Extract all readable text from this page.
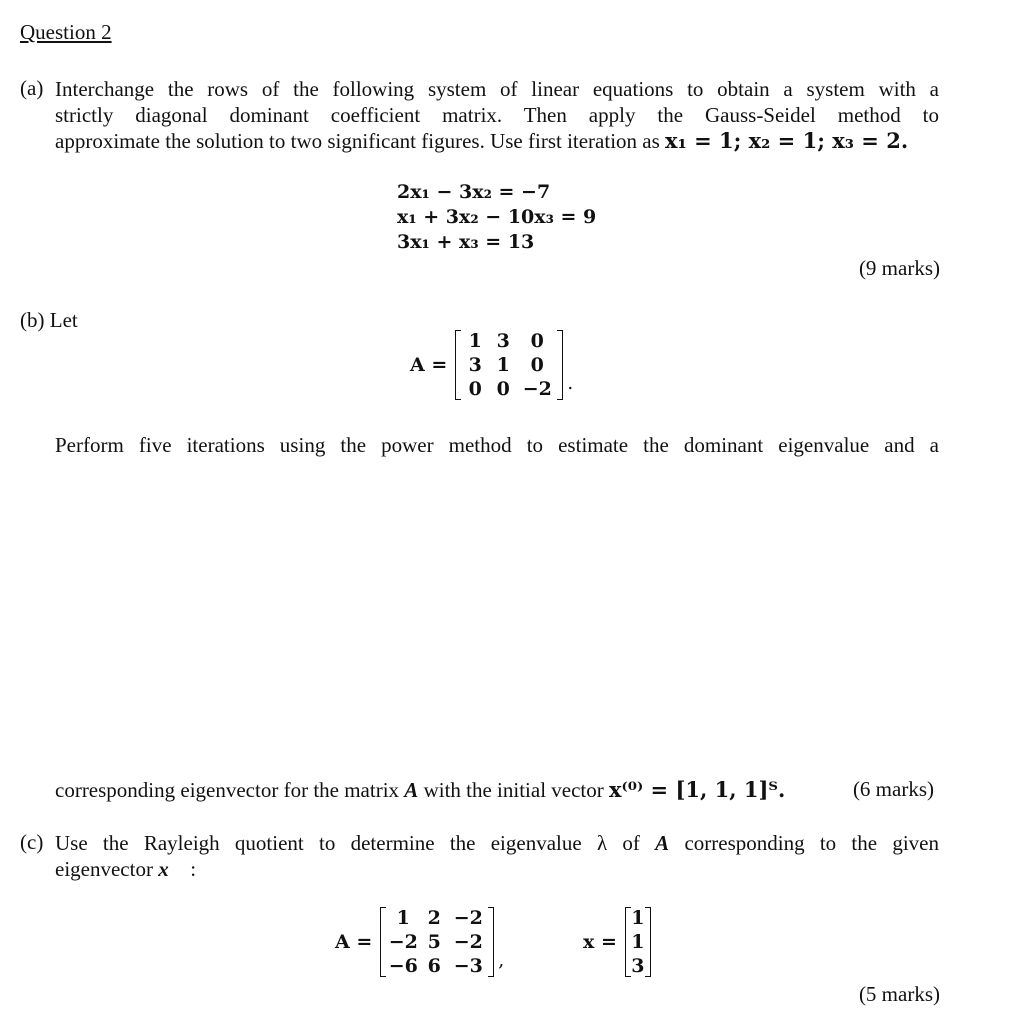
Question 2
(a) Interchange the rows of the following system of linear equations to obtain a system with a
strictly diagonal dominant coefficient matrix. Then apply the Gauss-Seidel method to
approximate the solution to two significant figures. Use first iteration as x₁ = 1; x₂ = 1; x₃ = 2.
2x₁ − 3x₂ = −7
x₁ + 3x₂ − 10x₃ = 9
3x₁ + x₃ = 13
(9 marks)
(b) Let
A =
1 3	0
3 1	0
0 0 −2 .
Perform five iterations using the power method to estimate the dominant eigenvalue and a
corresponding eigenvector for the matrix A with the initial vector x⁽⁰⁾ = [1, 1, 1]ᵀ.	(6 marks)
(c) Use the Rayleigh quotient to determine the eigenvalue λ of A corresponding to the given
eigenvector x⃗ :
A =
1 2 −2
−2 5 −2
−6 6 −3 ,
x =
1
1
3
(5 marks)
